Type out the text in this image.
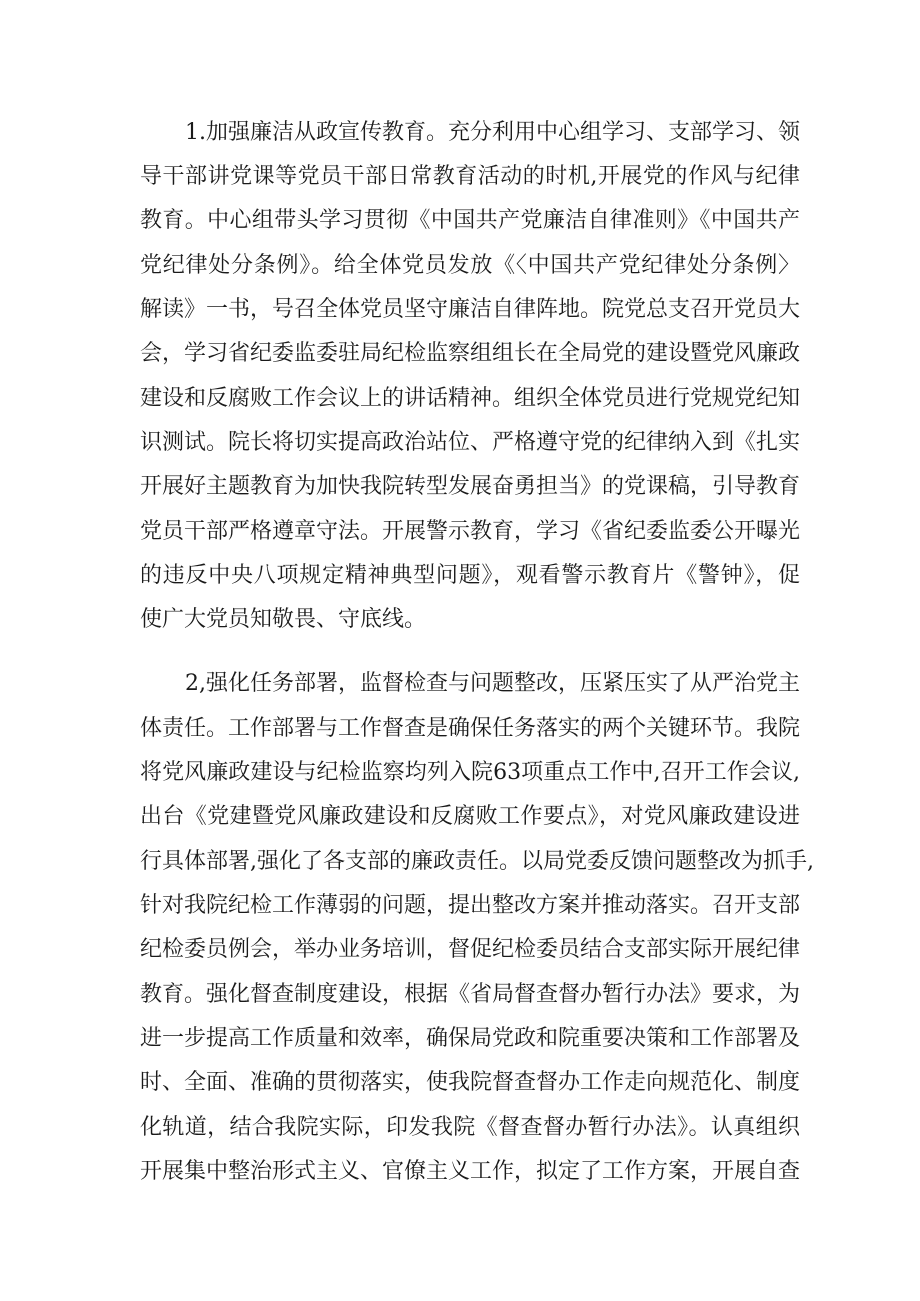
1.加强廉洁从政宣传教育。充分利用中心组学习、支部学习、领
导干部讲党课等党员干部日常教育活动的时机,开展党的作风与纪律
教育。中心组带头学习贯彻《中国共产党廉洁自律准则》《中国共产
党纪律处分条例》。给全体党员发放《〈中国共产党纪律处分条例〉
解读》一书，号召全体党员坚守廉洁自律阵地。院党总支召开党员大
会，学习省纪委监委驻局纪检监察组组长在全局党的建设暨党风廉政
建设和反腐败工作会议上的讲话精神。组织全体党员进行党规党纪知
识测试。院长将切实提高政治站位、严格遵守党的纪律纳入到《扎实
开展好主题教育为加快我院转型发展奋勇担当》的党课稿，引导教育
党员干部严格遵章守法。开展警示教育，学习《省纪委监委公开曝光
的违反中央八项规定精神典型问题》，观看警示教育片《警钟》，促
使广大党员知敬畏、守底线。
2,强化任务部署，监督检查与问题整改，压紧压实了从严治党主
体责任。工作部署与工作督查是确保任务落实的两个关键环节。我院
将党风廉政建设与纪检监察均列入院63项重点工作中,召开工作会议,
出台《党建暨党风廉政建设和反腐败工作要点》，对党风廉政建设进
行具体部署,强化了各支部的廉政责任。以局党委反馈问题整改为抓手,
针对我院纪检工作薄弱的问题，提出整改方案并推动落实。召开支部
纪检委员例会，举办业务培训，督促纪检委员结合支部实际开展纪律
教育。强化督查制度建设，根据《省局督查督办暂行办法》要求，为
进一步提高工作质量和效率，确保局党政和院重要决策和工作部署及
时、全面、准确的贯彻落实，使我院督查督办工作走向规范化、制度
化轨道，结合我院实际，印发我院《督查督办暂行办法》。认真组织
开展集中整治形式主义、官僚主义工作，拟定了工作方案，开展自查
